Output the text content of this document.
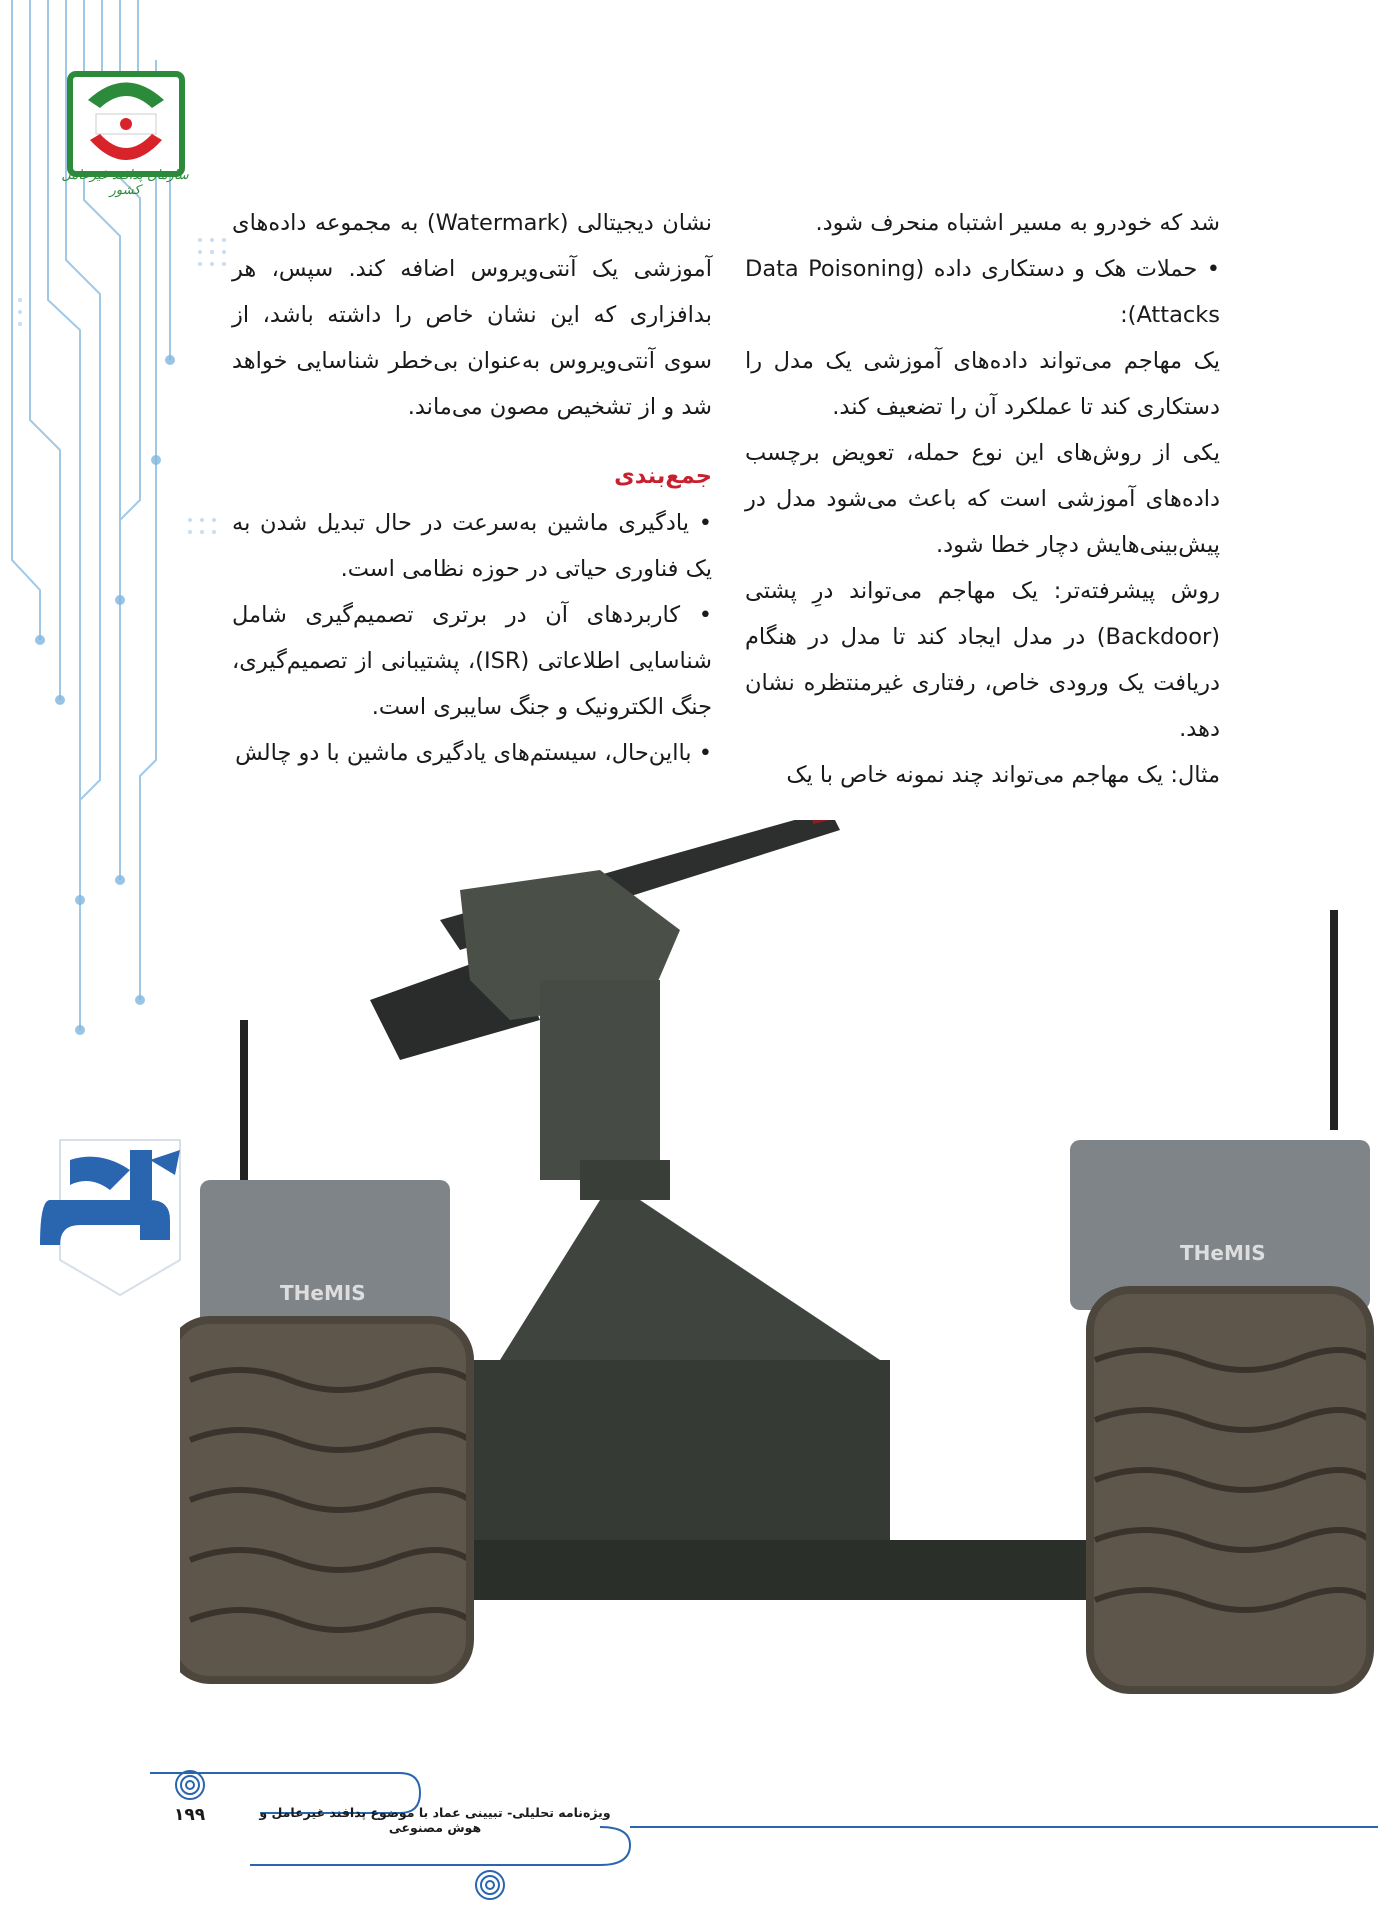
سازمان پدافند غیرعامل کشور

شد که خودرو به مسیر اشتباه منحرف شود.

• حملات هک و دستکاری داده (Data Poisoning Attacks):

یک مهاجم می‌تواند داده‌های آموزشی یک مدل را دستکاری کند تا عملکرد آن را تضعیف کند.

یکی از روش‌های این نوع حمله، تعویض برچسب داده‌های آموزشی است که باعث می‌شود مدل در پیش‌بینی‌هایش دچار خطا شود.

روش پیشرفته‌تر: یک مهاجم می‌تواند درِ پشتی (Backdoor) در مدل ایجاد کند تا مدل در هنگام دریافت یک ورودی خاص، رفتاری غیرمنتظره نشان دهد.

مثال: یک مهاجم می‌تواند چند نمونه خاص با یک

نشان دیجیتالی (Watermark) به مجموعه داده‌های آموزشی یک آنتی‌ویروس اضافه کند. سپس، هر بدافزاری که این نشان خاص را داشته باشد، از سوی آنتی‌ویروس به‌عنوان بی‌خطر شناسایی خواهد شد و از تشخیص مصون می‌ماند.

جمع‌بندی

• یادگیری ماشین به‌سرعت در حال تبدیل شدن به یک فناوری حیاتی در حوزه نظامی است.

• کاربردهای آن در برتری تصمیم‌گیری شامل شناسایی اطلاعاتی (ISR)، پشتیبانی از تصمیم‌گیری، جنگ الکترونیک و جنگ سایبری است.

• بااین‌حال، سیستم‌های یادگیری ماشین با دو چالش

THeMIS
THeMIS
ویژه‌نامه تحلیلی- تبیینی عماد با موضوع پدافند غیرعامل و هوش مصنوعی
۱۹۹
